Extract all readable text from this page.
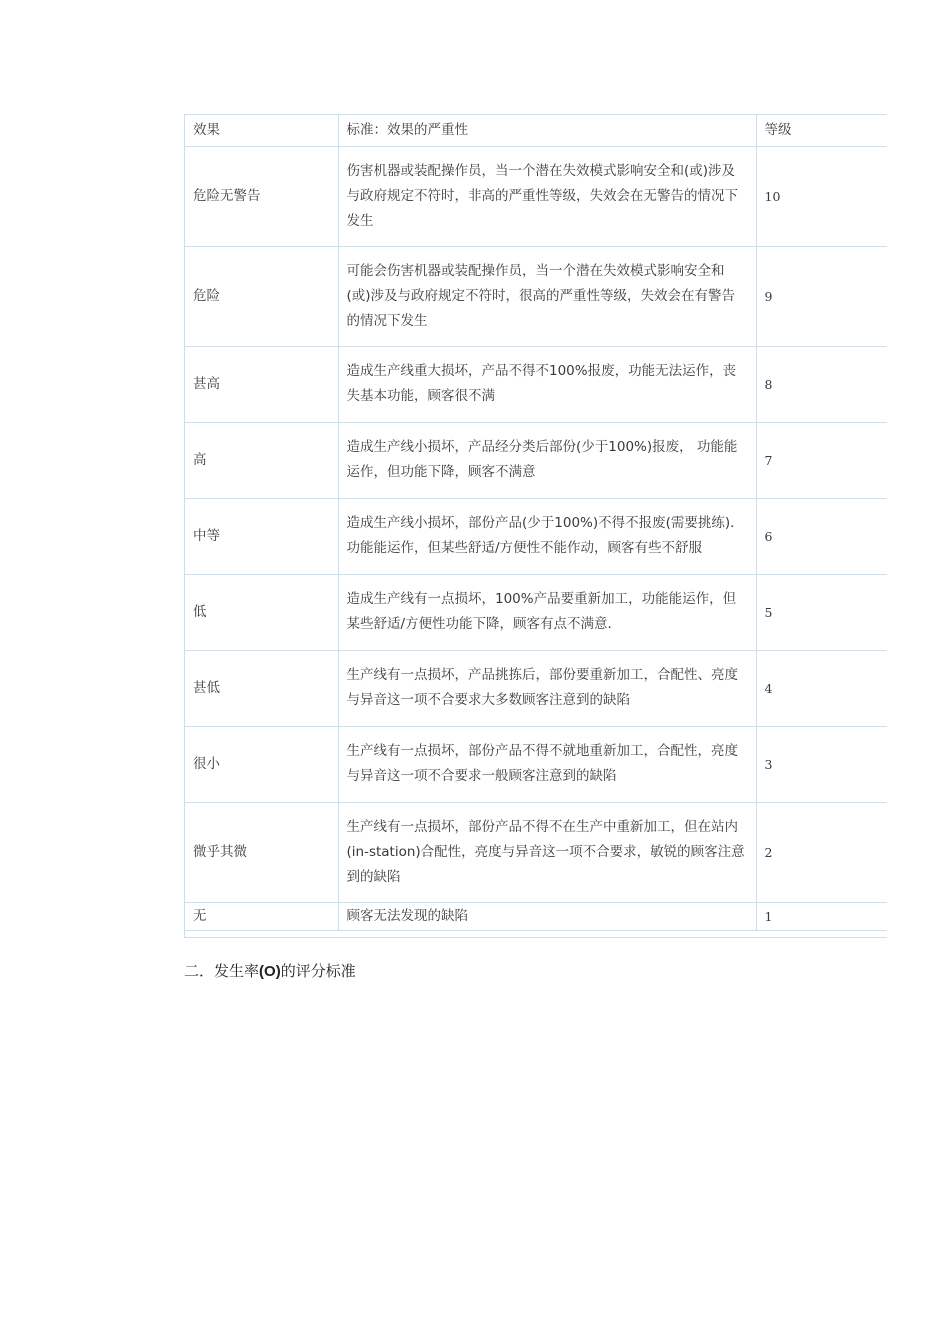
效果	标准：效果的严重性	等级
危险无警告	伤害机器或装配操作员，当一个潜在失效模式影响安全和(或)涉及与政府规定不符时，非高的严重性等级，失效会在无警告的情况下发生	10
危险	可能会伤害机器或装配操作员，当一个潜在失效模式影响安全和(或)涉及与政府规定不符时，很高的严重性等级，失效会在有警告的情况下发生	9
甚高	造成生产线重大损坏，产品不得不100%报废，功能无法运作，丧失基本功能，顾客很不满	8
高	造成生产线小损坏，产品经分类后部份(少于100%)报废， 功能能运作，但功能下降，顾客不满意	7
中等	造成生产线小损坏，部份产品(少于100%)不得不报废(需要挑练)．功能能运作，但某些舒适/方便性不能作动，顾客有些不舒服	6
低	造成生产线有一点损坏，100%产品要重新加工，功能能运作，但某些舒适/方便性功能下降，顾客有点不满意．	5
甚低	生产线有一点损坏，产品挑拣后，部份要重新加工，合配性、亮度与异音这一项不合要求大多数顾客注意到的缺陷	4
很小	生产线有一点损坏，部份产品不得不就地重新加工，合配性，亮度与异音这一项不合要求一般顾客注意到的缺陷	3
微乎其微	生产线有一点损坏，部份产品不得不在生产中重新加工，但在站内(in-station)合配性，亮度与异音这一项不合要求，敏锐的顾客注意到的缺陷	2
无	顾客无法发现的缺陷	1
二．发生率(O)的评分标准
